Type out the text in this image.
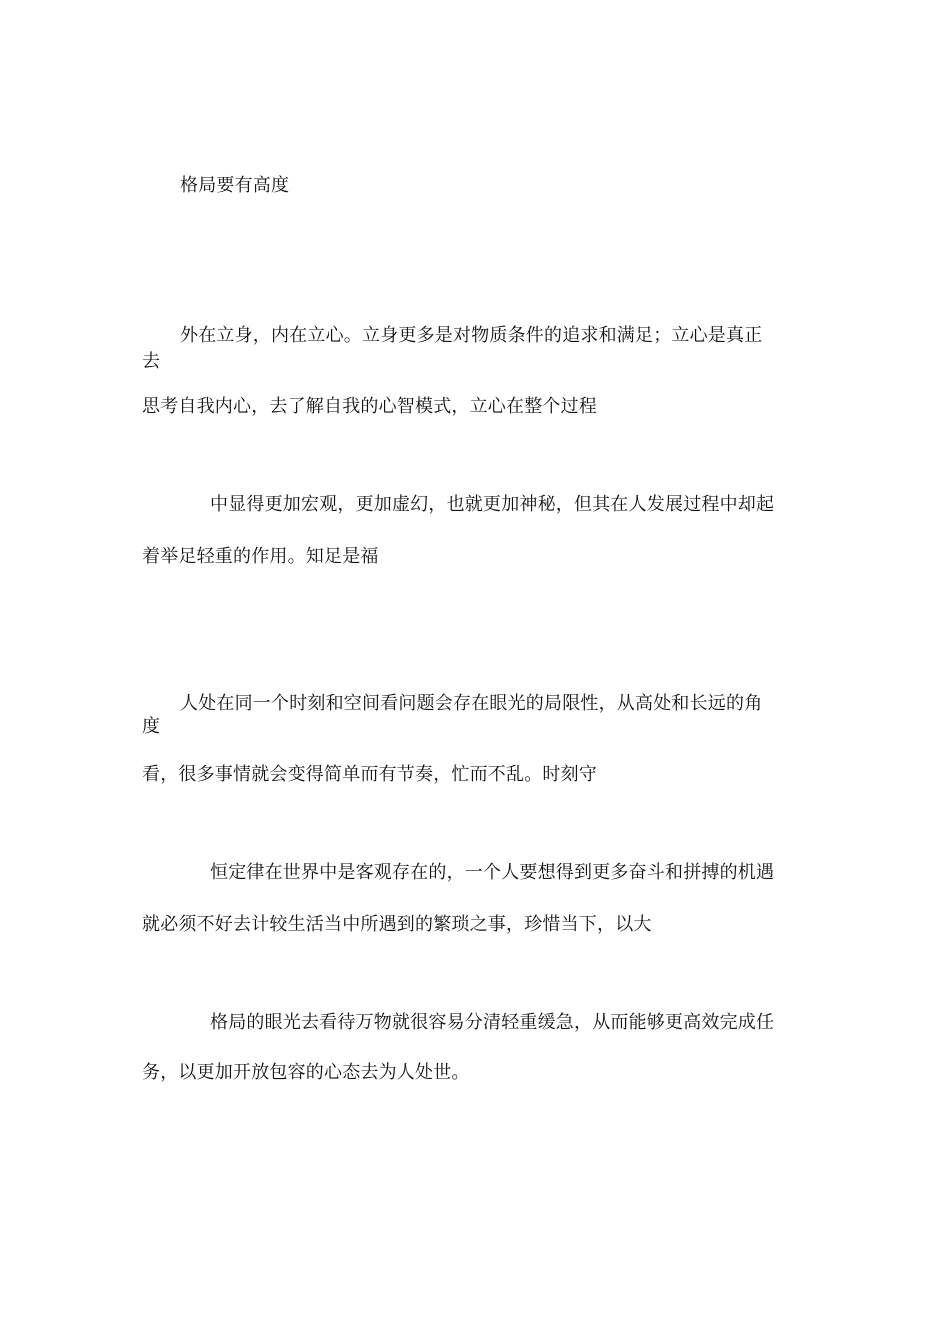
格局要有高度
外在立身，内在立心。立身更多是对物质条件的追求和满足；立心是真正
去
思考自我内心，去了解自我的心智模式，立心在整个过程
中显得更加宏观，更加虚幻，也就更加神秘，但其在人发展过程中却起
着举足轻重的作用。知足是福
人处在同一个时刻和空间看问题会存在眼光的局限性，从高处和长远的角
度
看，很多事情就会变得简单而有节奏，忙而不乱。时刻守
恒定律在世界中是客观存在的，一个人要想得到更多奋斗和拼搏的机遇
就必须不好去计较生活当中所遇到的繁琐之事，珍惜当下，以大
格局的眼光去看待万物就很容易分清轻重缓急，从而能够更高效完成任
务，以更加开放包容的心态去为人处世。
